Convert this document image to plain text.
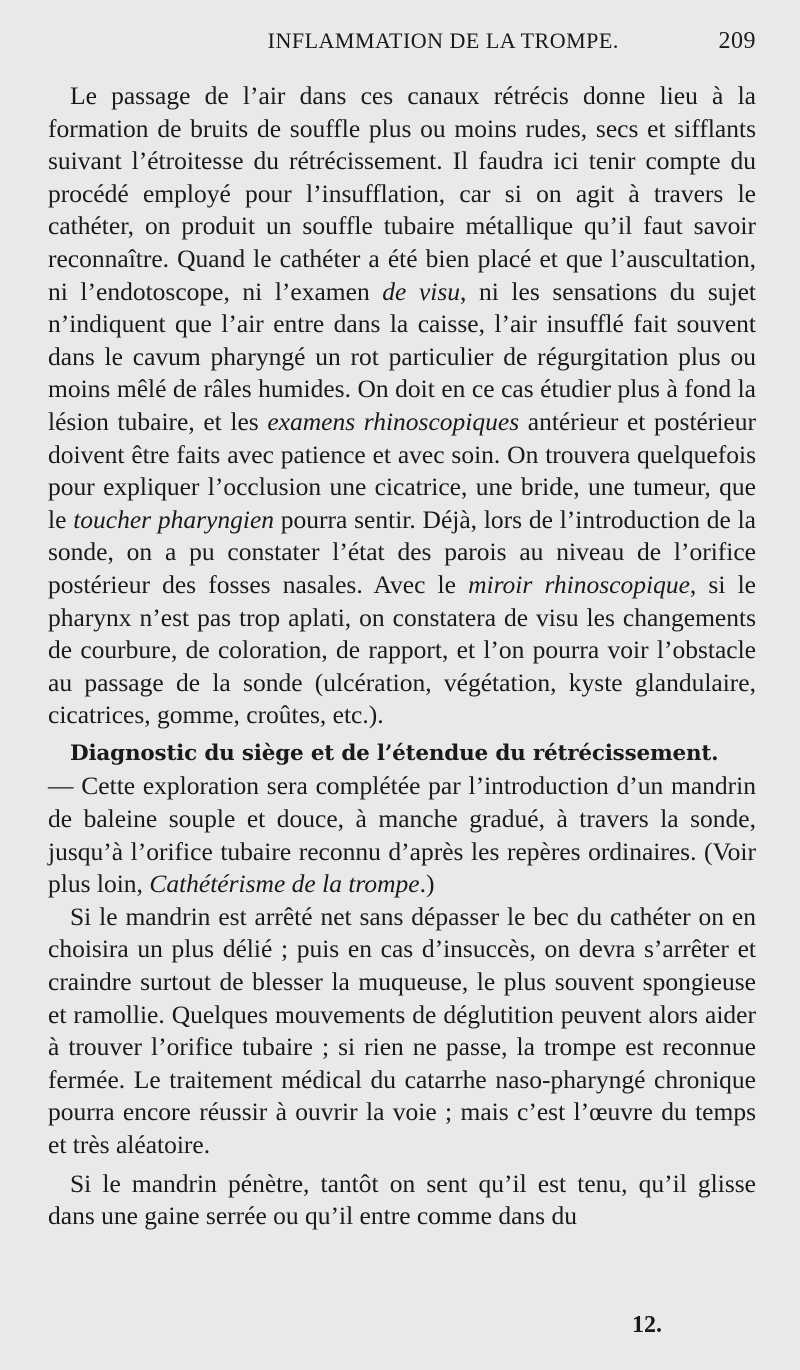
INFLAMMATION DE LA TROMPE.	209

Le passage de l’air dans ces canaux rétrécis donne lieu à la formation de bruits de souffle plus ou moins rudes, secs et sifflants suivant l’étroitesse du rétrécissement. Il faudra ici tenir compte du procédé employé pour l’insufflation, car si on agit à travers le cathéter, on produit un souffle tubaire métallique qu’il faut savoir reconnaître. Quand le cathéter a été bien placé et que l’auscultation, ni l’endotoscope, ni l’examen de visu, ni les sensations du sujet n’indiquent que l’air entre dans la caisse, l’air insufflé fait souvent dans le cavum pharyngé un rot particulier de régurgitation plus ou moins mêlé de râles humides. On doit en ce cas étudier plus à fond la lésion tubaire, et les examens rhinoscopiques antérieur et postérieur doivent être faits avec patience et avec soin. On trouvera quelquefois pour expliquer l’occlusion une cicatrice, une bride, une tumeur, que le toucher pharyngien pourra sentir. Déjà, lors de l’introduction de la sonde, on a pu constater l’état des parois au niveau de l’orifice postérieur des fosses nasales. Avec le miroir rhinoscopique, si le pharynx n’est pas trop aplati, on constatera de visu les changements de courbure, de coloration, de rapport, et l’on pourra voir l’obstacle au passage de la sonde (ulcération, végétation, kyste glandulaire, cicatrices, gomme, croûtes, etc.).

Diagnostic du siège et de l’étendue du rétrécissement.

— Cette exploration sera complétée par l’introduction d’un mandrin de baleine souple et douce, à manche gradué, à travers la sonde, jusqu’à l’orifice tubaire reconnu d’après les repères ordinaires. (Voir plus loin, Cathétérisme de la trompe.)

Si le mandrin est arrêté net sans dépasser le bec du cathéter on en choisira un plus délié ; puis en cas d’insuccès, on devra s’arrêter et craindre surtout de blesser la muqueuse, le plus souvent spongieuse et ramollie. Quelques mouvements de déglutition peuvent alors aider à trouver l’orifice tubaire ; si rien ne passe, la trompe est reconnue fermée. Le traitement médical du catarrhe naso-pharyngé chronique pourra encore réussir à ouvrir la voie ; mais c’est l’œuvre du temps et très aléatoire.

Si le mandrin pénètre, tantôt on sent qu’il est tenu, qu’il glisse dans une gaine serrée ou qu’il entre comme dans du

12.
